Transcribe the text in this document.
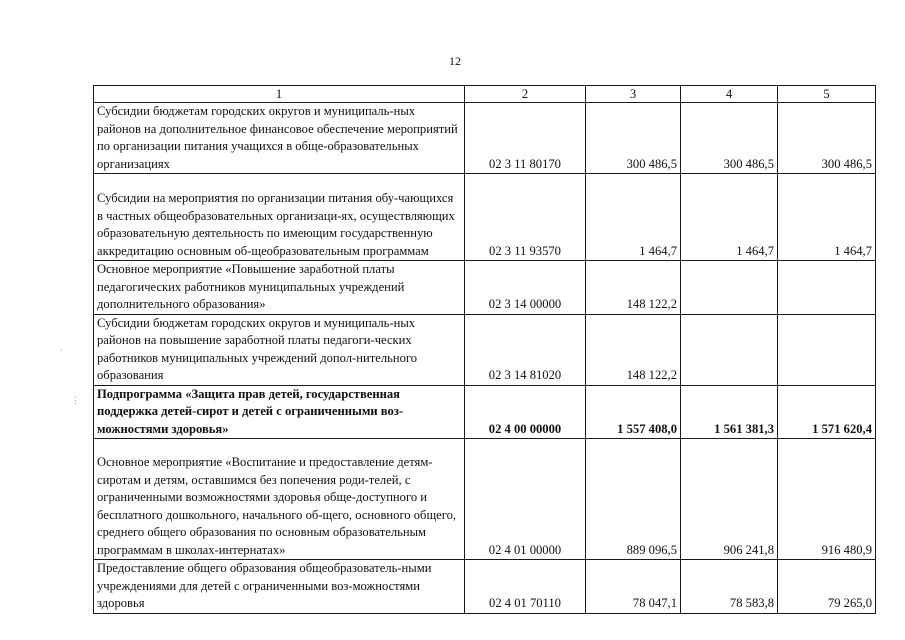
12
1	2	3	4	5
Субсидии бюджетам городских округов и муниципаль-ных районов на дополнительное финансовое обеспечение мероприятий по организации питания учащихся в обще-образовательных организациях	02 3 11 80170	300 486,5	300 486,5	300 486,5
Субсидии на мероприятия по организации питания обу-чающихся в частных общеобразовательных организаци-ях, осуществляющих образовательную деятельность по имеющим государственную аккредитацию основным об-щеобразовательным программам	02 3 11 93570	1 464,7	1 464,7	1 464,7
Основное мероприятие «Повышение заработной платы педагогических работников муниципальных учреждений дополнительного образования»	02 3 14 00000	148 122,2		
Субсидии бюджетам городских округов и муниципаль-ных районов на повышение заработной платы педагоги-ческих работников муниципальных учреждений допол-нительного образования	02 3 14 81020	148 122,2		
Подпрограмма «Защита прав детей, государственная поддержка детей-сирот и детей с ограниченными воз-можностями здоровья»	02 4 00 00000	1 557 408,0	1 561 381,3	1 571 620,4
Основное мероприятие «Воспитание и предоставление детям-сиротам и детям, оставшимся без попечения роди-телей, с ограниченными возможностями здоровья обще-доступного и бесплатного дошкольного, начального об-щего, основного общего, среднего общего образования по основным образовательным программам в школах-интернатах»	02 4 01 00000	889 096,5	906 241,8	916 480,9
Предоставление общего образования общеобразователь-ными учреждениями для детей с ограниченными воз-можностями здоровья	02 4 01 70110	78 047,1	78 583,8	79 265,0
·
⋮
